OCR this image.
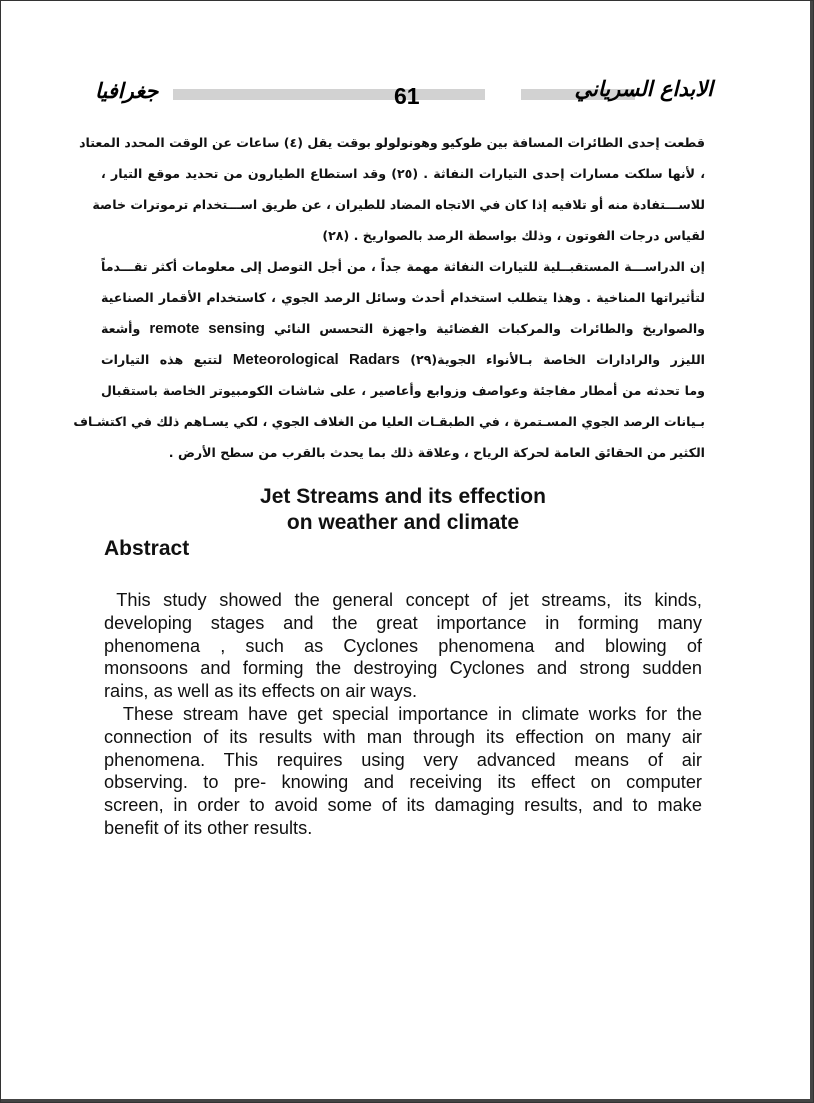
جغرافيا	61	الابداع السرياني
قطعت إحدى الطائرات المسافة بين طوكيو وهونولولو بوقت يقل (٤) ساعات عن الوقت المحدد المعتاد
، لأنها سلكت مسارات إحدى التيارات النفاثة . (٢٥) وقد استطاع الطيارون من تحديد موقع التيار ،
للاســـتفادة منه أو تلافيه إذا كان في الاتجاه المضاد للطيران ، عن طريق اســـتخدام ترموترات خاصة
لقياس درجات الفوتون ، وذلك بواسطة الرصد بالصواريخ . (٢٨)
إن الدراســـة المستقبــلية للتيارات النفاثة مهمة جداً ، من أجل التوصل إلى معلومات أكثر تقـــدماً
لتأثيراتها المناخية . وهذا يتطلب استخدام أحدث وسائل الرصد الجوي ، كاستخدام الأقمار الصناعية
والصواريخ والطائرات والمركبات الفضائية واجهزة التحسس النائي remote sensing وأشعة
الليزر والرادارات الخاصة بـالأنواء الجوية(٢٩) Meteorological Radars لتتبع هذه التيارات
وما تحدثه من أمطار مفاجئة وعواصف وزوابع وأعاصير ، على شاشات الكومبيوتر الخاصة باستقبال
بـيانات الرصد الجوي المسـتمرة ، في الطبقـات العليا من الغلاف الجوي ، لكي يسـاهم ذلك في اكتشـاف
الكثير من الحقائق العامة لحركة الرياح ، وعلاقة ذلك بما يحدث بالقرب من سطح الأرض .
Jet Streams and its effection
on weather and climate
Abstract
This study showed the general concept of jet streams, its kinds,
developing stages and the great importance in forming many
phenomena , such as Cyclones phenomena and blowing of
monsoons and forming the destroying Cyclones and strong sudden
rains, as well as its effects on air ways.
These stream have get special importance in climate works for the
connection of its results with man through its effection on many air
phenomena. This requires using very advanced means of air
observing. to pre- knowing and receiving its effect on computer
screen, in order to avoid some of its damaging results, and to make
benefit of its other results.
